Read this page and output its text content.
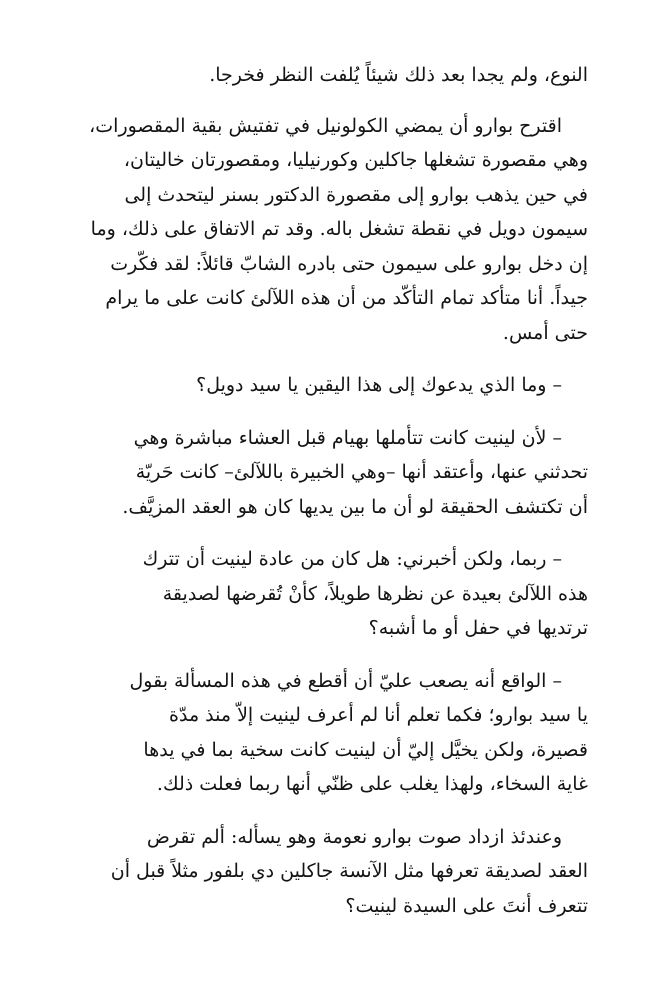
النوع، ولم يجدا بعد ذلك شيئاً يُلفت النظر فخرجا.

اقترح بوارو أن يمضي الكولونيل في تفتيش بقية المقصورات،
وهي مقصورة تشغلها جاكلين وكورنيليا، ومقصورتان خاليتان،
في حين يذهب بوارو إلى مقصورة الدكتور بسنر ليتحدث إلى
سيمون دويل في نقطة تشغل باله. وقد تم الاتفاق على ذلك، وما
إن دخل بوارو على سيمون حتى بادره الشابّ قائلاً: لقد فكّرت
جيداً. أنا متأكد تمام التأكّد من أن هذه اللآلئ كانت على ما يرام
حتى أمس.

– وما الذي يدعوك إلى هذا اليقين يا سيد دويل؟

– لأن لينيت كانت تتأملها بهيام قبل العشاء مباشرة وهي
تحدثني عنها، وأعتقد أنها –وهي الخبيرة باللآلئ– كانت حَريّة
أن تكتشف الحقيقة لو أن ما بين يديها كان هو العقد المزيَّف.

– ربما، ولكن أخبرني: هل كان من عادة لينيت أن تترك
هذه اللآلئ بعيدة عن نظرها طويلاً، كأنْ تُقرضها لصديقة
ترتديها في حفل أو ما أشبه؟

– الواقع أنه يصعب عليّ أن أقطع في هذه المسألة بقول
يا سيد بوارو؛ فكما تعلم أنا لم أعرف لينيت إلاّ منذ مدّة
قصيرة، ولكن يخيَّل إليّ أن لينيت كانت سخية بما في يدها
غاية السخاء، ولهذا يغلب على ظنّي أنها ربما فعلت ذلك.

وعندئذ ازداد صوت بوارو نعومة وهو يسأله: ألم تقرض
العقد لصديقة تعرفها مثل الآنسة جاكلين دي بلفور مثلاً قبل أن
تتعرف أنتَ على السيدة لينيت؟
